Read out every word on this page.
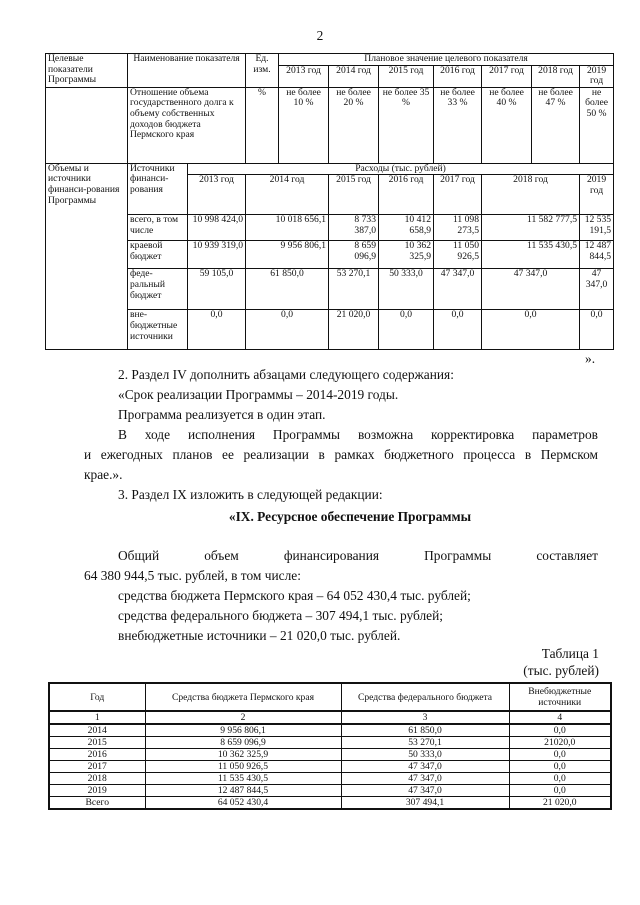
2
Целевые показатели Программы	Наименование показателя		Ед. изм.	Плановое значение целевого показателя						
				2013 год	2014 год	2015 год	2016 год	2017 год	2018 год	2019 год
	Отношение объема государственного долга к объему собственных доходов бюджета Пермского края		%	не более 10 %	не более 20 %	не более 35 %	не более 33 %	не более 40 %	не более 47 %	не более 50 %
Объемы и источники финанси-рования Программы	Источники финанси-рования	Расходы (тыс. рублей)								
		2013 год	2014 год		2015 год	2016 год	2017 год	2018 год		2019 год
	всего, в том числе	10 998 424,0	10 018 656,1		8 733 387,0	10 412 658,9	11 098 273,5	11 582 777,5		12 535 191,5
	краевой бюджет	10 939 319,0	9 956 806,1		8 659 096,9	10 362 325,9	11 050 926,5	11 535 430,5		12 487 844,5
	феде-ральный бюджет	59 105,0	61 850,0		53 270,1	50 333,0	47 347,0	47 347,0		47 347,0
	вне-бюджетные источники	0,0	0,0		21 020,0	0,0	0,0	0,0		0,0
».
2. Раздел IV дополнить абзацами следующего содержания:
«Срок реализации Программы – 2014-2019 годы.
Программа реализуется в один этап.
В ходе исполнения Программы возможна корректировка параметров
и ежегодных планов ее реализации в рамках бюджетного процесса в Пермском
крае.».
3. Раздел IX изложить в следующей редакции:
«IX. Ресурсное обеспечение Программы
Общий объем финансирования Программы составляет
64 380 944,5 тыс. рублей, в том числе:
средства бюджета Пермского края – 64 052 430,4 тыс. рублей;
средства федерального бюджета – 307 494,1 тыс. рублей;
внебюджетные источники – 21 020,0 тыс. рублей.
Таблица 1
(тыс. рублей)
Год	Средства бюджета Пермского края	Средства федерального бюджета	Внебюджетные источники
1	2	3	4
2014	9 956 806,1	61 850,0	0,0
2015	8 659 096,9	53 270,1	21020,0
2016	10 362 325,9	50 333,0	0,0
2017	11 050 926,5	47 347,0	0,0
2018	11 535 430,5	47 347,0	0,0
2019	12 487 844,5	47 347,0	0,0
Всего	64 052 430,4	307 494,1	21 020,0
